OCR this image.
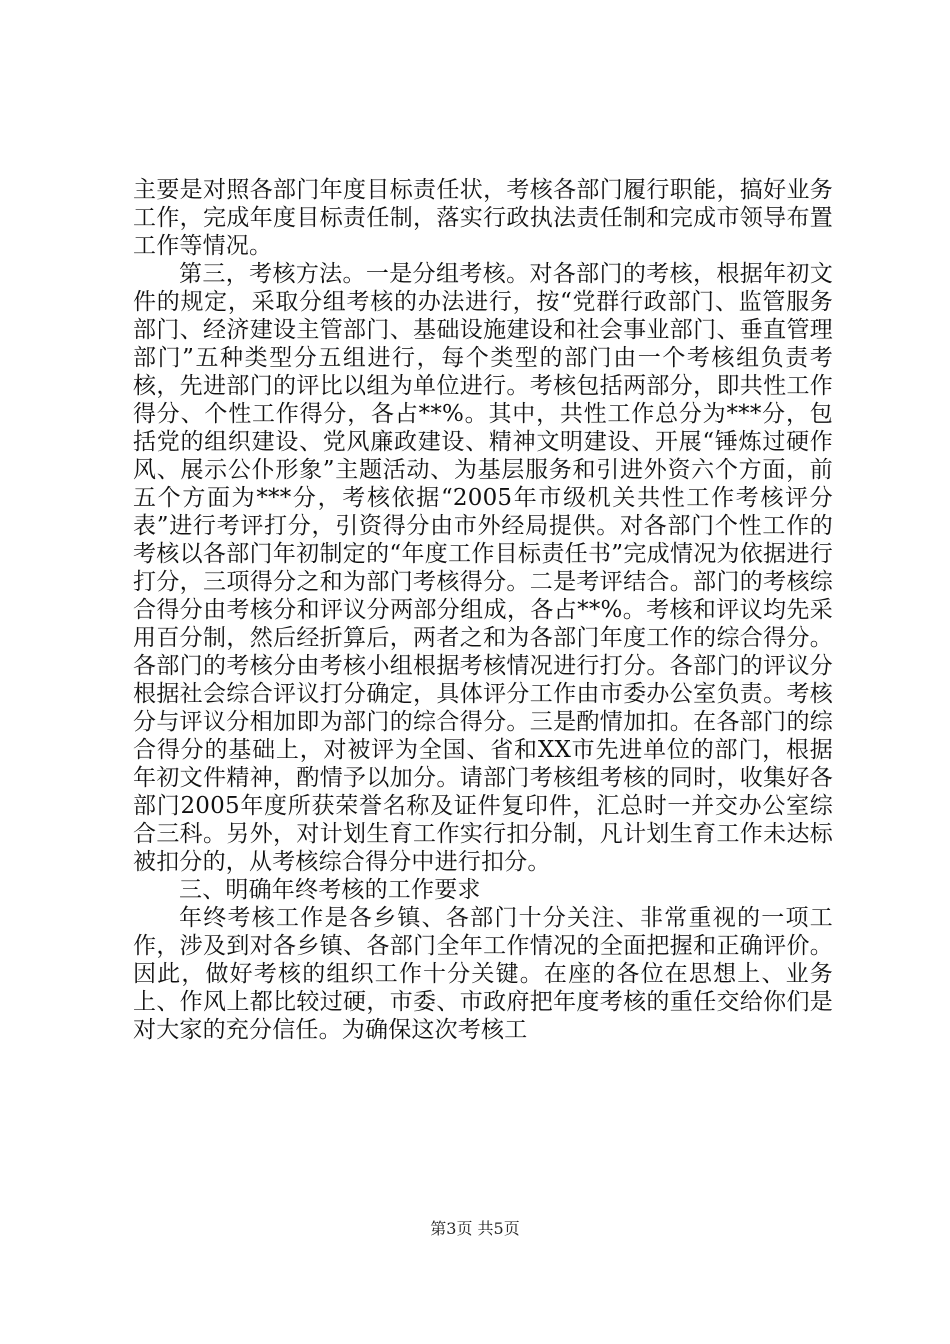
主要是对照各部门年度目标责任状，考核各部门履行职能，搞好业务工作，完成年度目标责任制，落实行政执法责任制和完成市领导布置工作等情况。

第三，考核方法。一是分组考核。对各部门的考核，根据年初文件的规定，采取分组考核的办法进行，按“党群行政部门、监管服务部门、经济建设主管部门、基础设施建设和社会事业部门、垂直管理部门”五种类型分五组进行，每个类型的部门由一个考核组负责考核，先进部门的评比以组为单位进行。考核包括两部分，即共性工作得分、个性工作得分，各占**%。其中，共性工作总分为***分，包括党的组织建设、党风廉政建设、精神文明建设、开展“锤炼过硬作风、展示公仆形象”主题活动、为基层服务和引进外资六个方面，前五个方面为***分，考核依据“2005年市级机关共性工作考核评分表”进行考评打分，引资得分由市外经局提供。对各部门个性工作的考核以各部门年初制定的“年度工作目标责任书”完成情况为依据进行打分，三项得分之和为部门考核得分。二是考评结合。部门的考核综合得分由考核分和评议分两部分组成，各占**%。考核和评议均先采用百分制，然后经折算后，两者之和为各部门年度工作的综合得分。各部门的考核分由考核小组根据考核情况进行打分。各部门的评议分根据社会综合评议打分确定，具体评分工作由市委办公室负责。考核分与评议分相加即为部门的综合得分。三是酌情加扣。在各部门的综合得分的基础上，对被评为全国、省和XX市先进单位的部门，根据年初文件精神，酌情予以加分。请部门考核组考核的同时，收集好各部门2005年度所获荣誉名称及证件复印件，汇总时一并交办公室综合三科。另外，对计划生育工作实行扣分制，凡计划生育工作未达标被扣分的，从考核综合得分中进行扣分。

三、明确年终考核的工作要求

年终考核工作是各乡镇、各部门十分关注、非常重视的一项工作，涉及到对各乡镇、各部门全年工作情况的全面把握和正确评价。因此，做好考核的组织工作十分关键。在座的各位在思想上、业务上、作风上都比较过硬，市委、市政府把年度考核的重任交给你们是对大家的充分信任。为确保这次考核工

第3页 共5页
